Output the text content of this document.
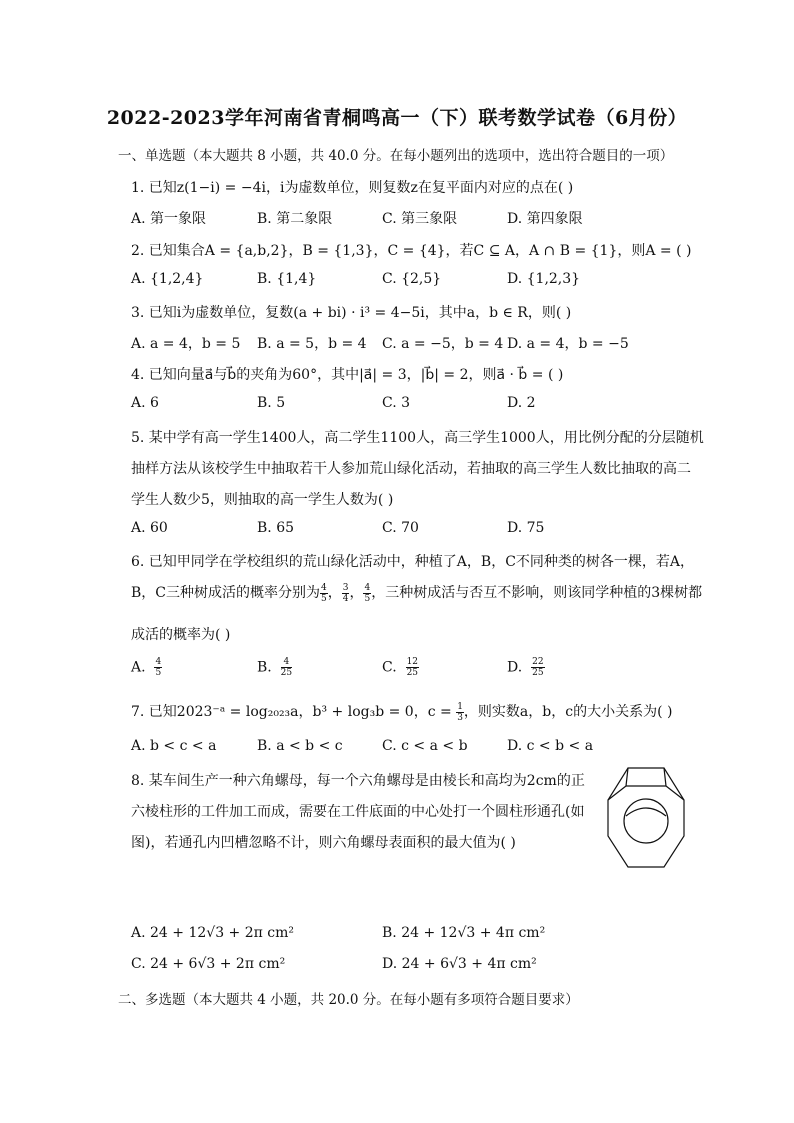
2022-2023学年河南省青桐鸣高一（下）联考数学试卷（6月份）
一、单选题（本大题共 8 小题，共 40.0 分。在每小题列出的选项中，选出符合题目的一项）
1. 已知z(1−i) = −4i，i为虚数单位，则复数z在复平面内对应的点在( )
A. 第一象限	B. 第二象限	C. 第三象限	D. 第四象限
2. 已知集合A = {a,b,2}，B = {1,3}，C = {4}，若C ⊆ A，A ∩ B = {1}，则A = ( )
A. {1,2,4}	B. {1,4}	C. {2,5}	D. {1,2,3}
3. 已知i为虚数单位，复数(a + bi) · i³ = 4−5i，其中a，b ∈ R，则( )
A. a = 4，b = 5 B. a = 5，b = 4 C. a = −5，b = 4 D. a = 4，b = −5
4. 已知向量a⃗与b⃗的夹角为60°，其中|a⃗| = 3，|b⃗| = 2，则a⃗ · b⃗ = ( )
A. 6	B. 5	C. 3	D. 2
5. 某中学有高一学生1400人，高二学生1100人，高三学生1000人，用比例分配的分层随机
抽样方法从该校学生中抽取若干人参加荒山绿化活动，若抽取的高三学生人数比抽取的高二
学生人数少5，则抽取的高一学生人数为( )
A. 60	B. 65	C. 70	D. 75
6. 已知甲同学在学校组织的荒山绿化活动中，种植了A，B，C不同种类的树各一棵，若A，
B，C三种树成活的概率分别为 $\frac{4}{5}$ ， $\frac{3}{4}$ ， $\frac{4}{5}$ ，三种树成活与否互不影响，则该同学种植的3棵树都
成活的概率为( )
A. $\frac{4}{5}$	B. $\frac{4}{25}$	C. $\frac{12}{25}$	D. $\frac{22}{25}$
7. 已知2023⁻ᵃ = log₂₀₂₃a，b³ + log₃b = 0，$c = \frac{1}{3}$ ，则实数a，b，c的大小关系为( )
A. b < c < a	B. a < b < c	C. c < a < b	D. c < b < a
8. 某车间生产一种六角螺母，每一个六角螺母是由棱长和高均为2cm的正
六棱柱形的工件加工而成，需要在工件底面的中心处打一个圆柱形通孔(如
图)，若通孔内凹槽忽略不计，则六角螺母表面积的最大值为( )
A. 24 + 12√3 + 2π cm²	B. 24 + 12√3 + 4π cm²
C. 24 + 6√3 + 2π cm²	D. 24 + 6√3 + 4π cm²
二、多选题（本大题共 4 小题，共 20.0 分。在每小题有多项符合题目要求）
